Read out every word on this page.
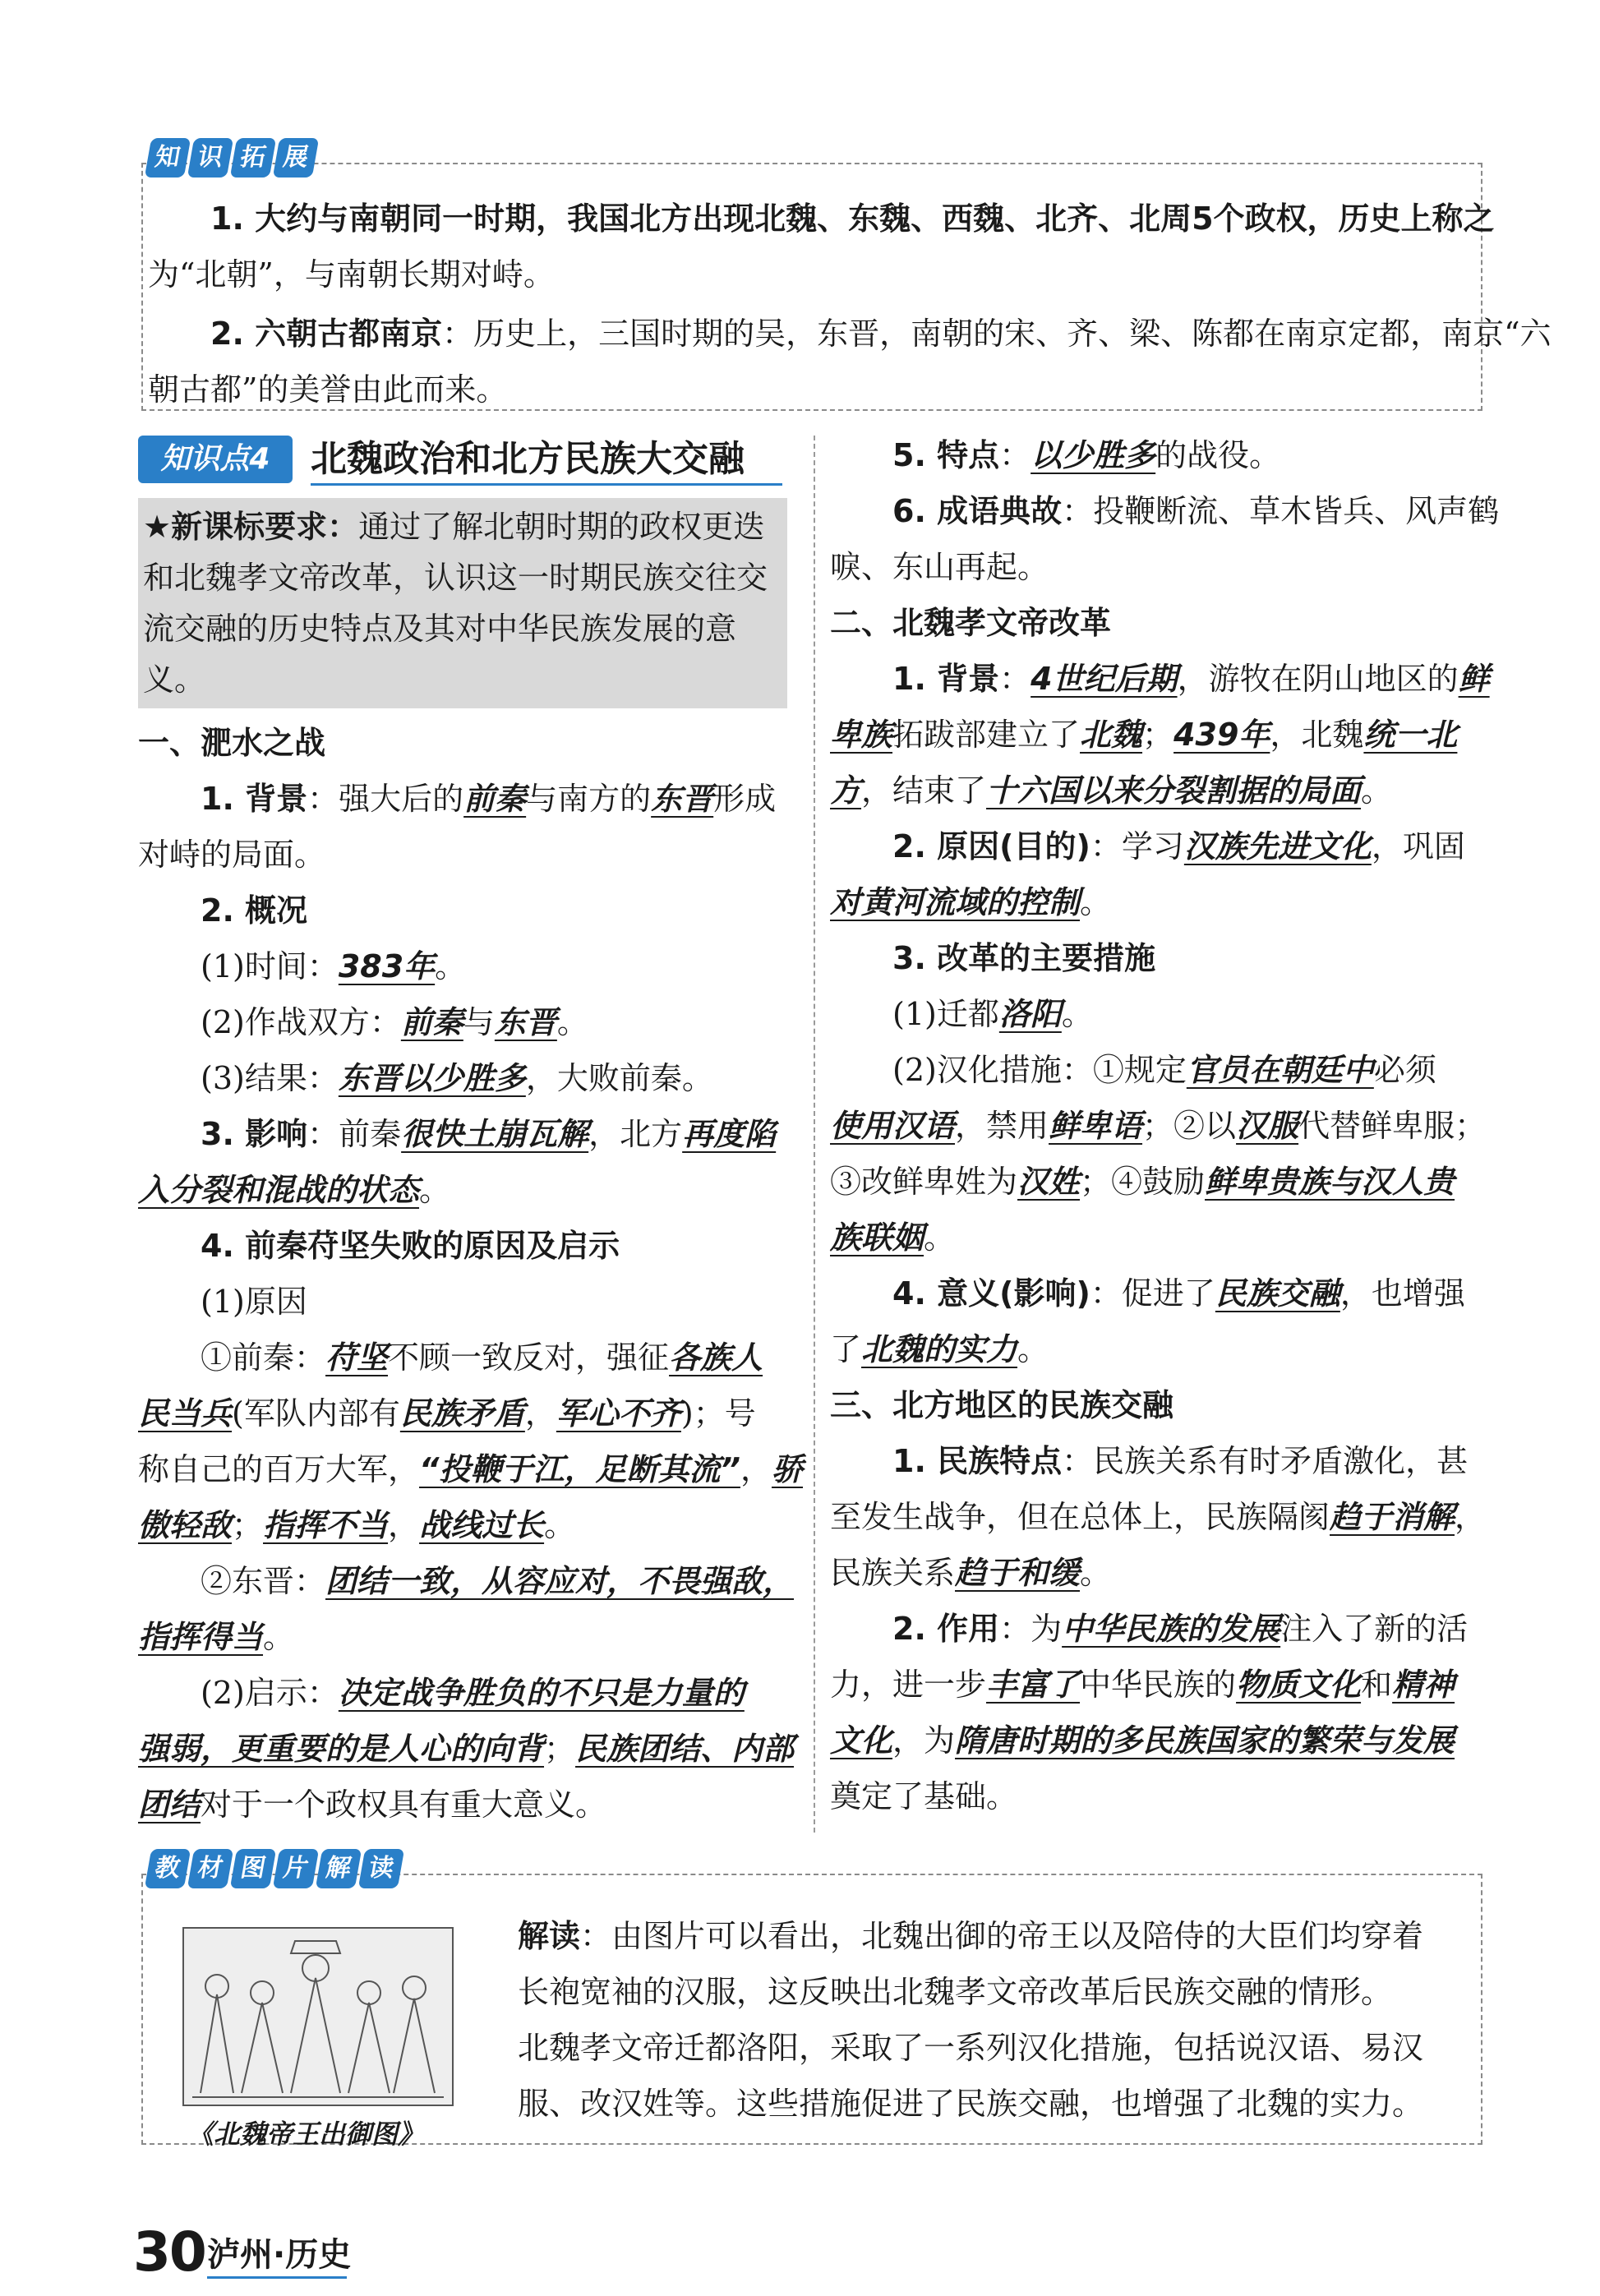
知 识 拓 展
1. 大约与南朝同一时期，我国北方出现北魏、东魏、西魏、北齐、北周5个政权，历史上称之
为“北朝”，与南朝长期对峙。
2. 六朝古都南京：历史上，三国时期的吴，东晋，南朝的宋、齐、梁、陈都在南京定都，南京“六
朝古都”的美誉由此而来。
知识点4	北魏政治和北方民族大交融
★新课标要求：通过了解北朝时期的政权更迭和北魏孝文帝改革，认识这一时期民族交往交流交融的历史特点及其对中华民族发展的意义。
一、淝水之战
1. 背景：强大后的前秦与南方的东晋形成
对峙的局面。
2. 概况
(1)时间：383年。
(2)作战双方：前秦与东晋。
(3)结果：东晋以少胜多，大败前秦。
3. 影响：前秦很快土崩瓦解，北方再度陷
入分裂和混战的状态。
4. 前秦苻坚失败的原因及启示
(1)原因
①前秦：苻坚不顾一致反对，强征各族人
民当兵(军队内部有民族矛盾，军心不齐)；号
称自己的百万大军，“投鞭于江，足断其流”，骄
傲轻敌；指挥不当，战线过长。
②东晋：团结一致，从容应对，不畏强敌，
指挥得当。
(2)启示：决定战争胜负的不只是力量的
强弱，更重要的是人心的向背；民族团结、内部
团结对于一个政权具有重大意义。
5. 特点：以少胜多的战役。
6. 成语典故：投鞭断流、草木皆兵、风声鹤
唳、东山再起。
二、北魏孝文帝改革
1. 背景：4世纪后期，游牧在阴山地区的鲜
卑族拓跋部建立了北魏；439年，北魏统一北
方，结束了十六国以来分裂割据的局面。
2. 原因(目的)：学习汉族先进文化，巩固
对黄河流域的控制。
3. 改革的主要措施
(1)迁都洛阳。
(2)汉化措施：①规定官员在朝廷中必须
使用汉语，禁用鲜卑语；②以汉服代替鲜卑服；
③改鲜卑姓为汉姓；④鼓励鲜卑贵族与汉人贵
族联姻。
4. 意义(影响)：促进了民族交融，也增强
了北魏的实力。
三、北方地区的民族交融
1. 民族特点：民族关系有时矛盾激化，甚
至发生战争，但在总体上，民族隔阂趋于消解，
民族关系趋于和缓。
2. 作用：为中华民族的发展注入了新的活
力，进一步丰富了中华民族的物质文化和精神
文化，为隋唐时期的多民族国家的繁荣与发展
奠定了基础。
教 材 图 片 解 读
《北魏帝王出御图》
解读：由图片可以看出，北魏出御的帝王以及陪侍的大臣们均穿着
长袍宽袖的汉服，这反映出北魏孝文帝改革后民族交融的情形。
北魏孝文帝迁都洛阳，采取了一系列汉化措施，包括说汉语、易汉
服、改汉姓等。这些措施促进了民族交融，也增强了北魏的实力。
30 泸州·历史
